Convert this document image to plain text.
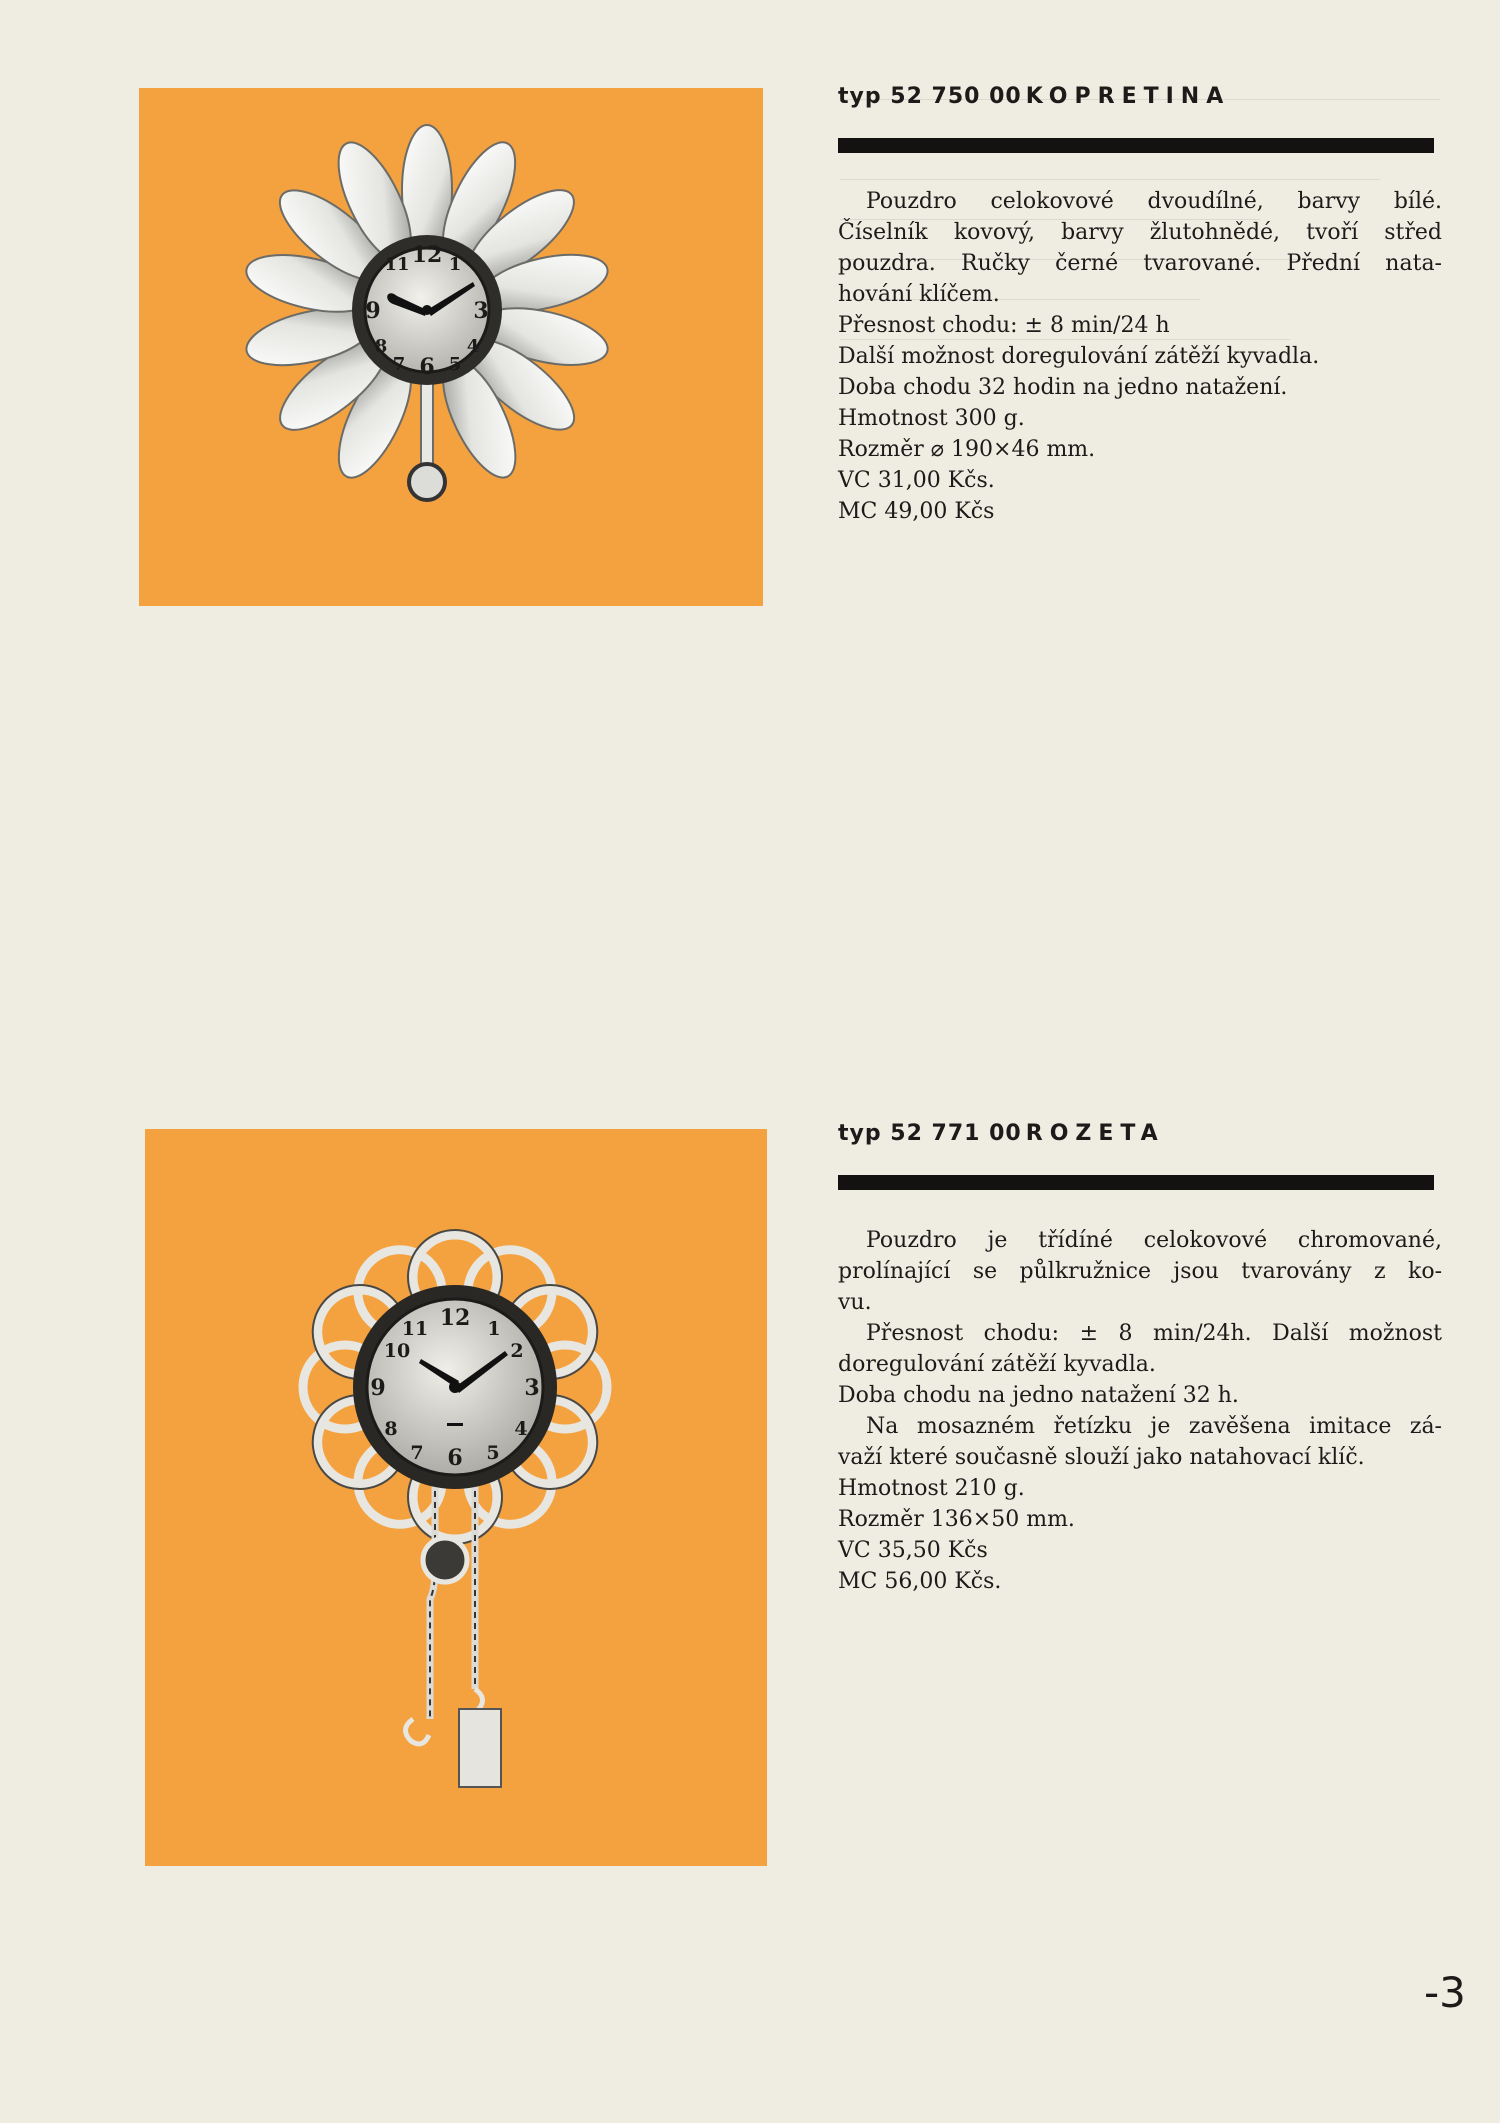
12
3
6
9
1
11
4
8
5
7
typ 52 750 00 KOPRETINA

Pouzdro celokovové dvoudílné, barvy bílé.

Číselník kovový, barvy žlutohnědé, tvoří střed

pouzdra. Ručky černé tvarované. Přední nata-

hování klíčem.

Přesnost chodu: ± 8 min/24 h

Další možnost doregulování zátěží kyvadla.

Doba chodu 32 hodin na jedno natažení.

Hmotnost 300 g.

Rozměr ⌀ 190×46 mm.

VC 31,00 Kčs.

MC 49,00 Kčs

12
3
6
9
1
11
4
8
5
7
10	2
typ 52 771 00 ROZETA

Pouzdro je třídíné celokovové chromované,

prolínající se půlkružnice jsou tvarovány z ko-

vu.

Přesnost chodu: ± 8 min/24h. Další možnost

doregulování zátěží kyvadla.

Doba chodu na jedno natažení 32 h.

Na mosazném řetízku je zavěšena imitace zá-

važí které současně slouží jako natahovací klíč.

Hmotnost 210 g.

Rozměr 136×50 mm.

VC 35,50 Kčs

MC 56,00 Kčs.

-3
